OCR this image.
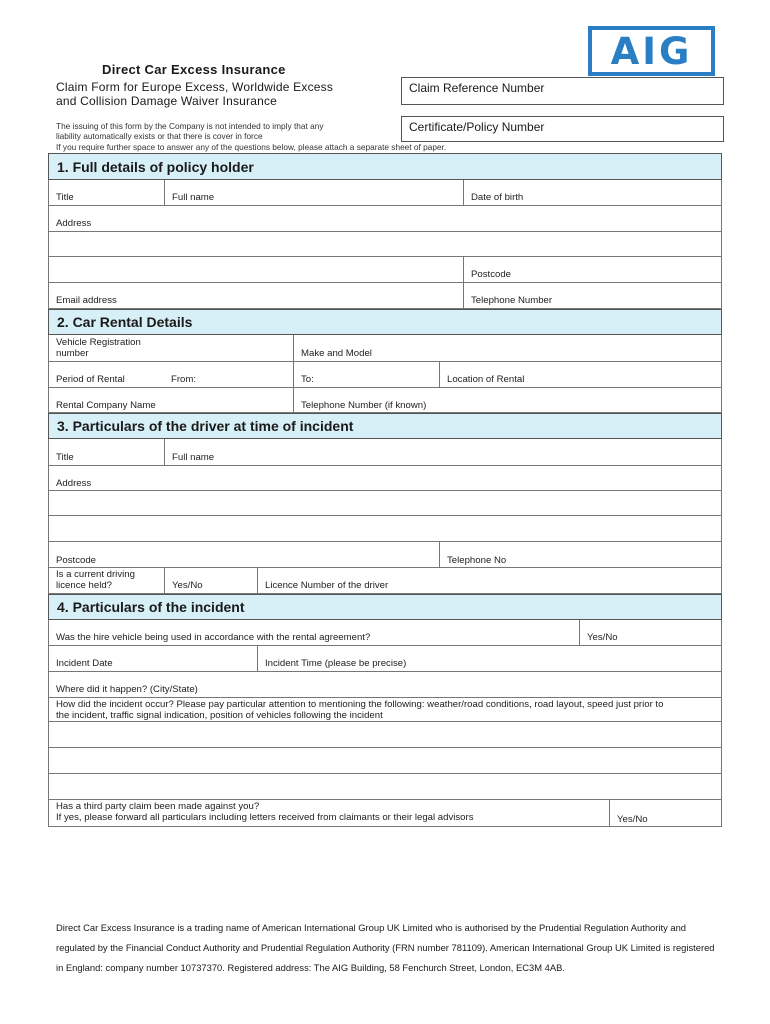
AIG
Direct Car Excess Insurance
Claim Form for Europe Excess, Worldwide Excess
and Collision Damage Waiver Insurance
The issuing of this form by the Company is not intended to imply that any
liability automatically exists or that there is cover in force
If you require further space to answer any of the questions below, please attach a separate sheet of paper.
Claim Reference Number
Certificate/Policy Number
1. Full details of policy holder
Title	Full name	Date of birth
Address
Postcode
Email address	Telephone Number
2. Car Rental Details
Vehicle Registration
number	Make and Model
Period of Rental	From:	To:	Location of Rental
Rental Company Name	Telephone Number (if known)
3. Particulars of the driver at time of incident
Title	Full name
Address
Postcode	Telephone No
Is a current driving
licence held?	Yes/No	Licence Number of the driver
4. Particulars of the incident
Was the hire vehicle being used in accordance with the rental agreement?	Yes/No
Incident Date	Incident Time (please be precise)
Where did it happen? (City/State)
How did the incident occur? Please pay particular attention to mentioning the following: weather/road conditions, road layout, speed just prior to
the incident, traffic signal indication, position of vehicles following the incident
Has a third party claim been made against you?
If yes, please forward all particulars including letters received from claimants or their legal advisors	Yes/No
Direct Car Excess Insurance is a trading name of American International Group UK Limited who is authorised by the Prudential Regulation Authority and regulated by the Financial Conduct Authority and Prudential Regulation Authority (FRN number 781109). American International Group UK Limited is registered in England: company number 10737370. Registered address: The AIG Building, 58 Fenchurch Street, London, EC3M 4AB.
